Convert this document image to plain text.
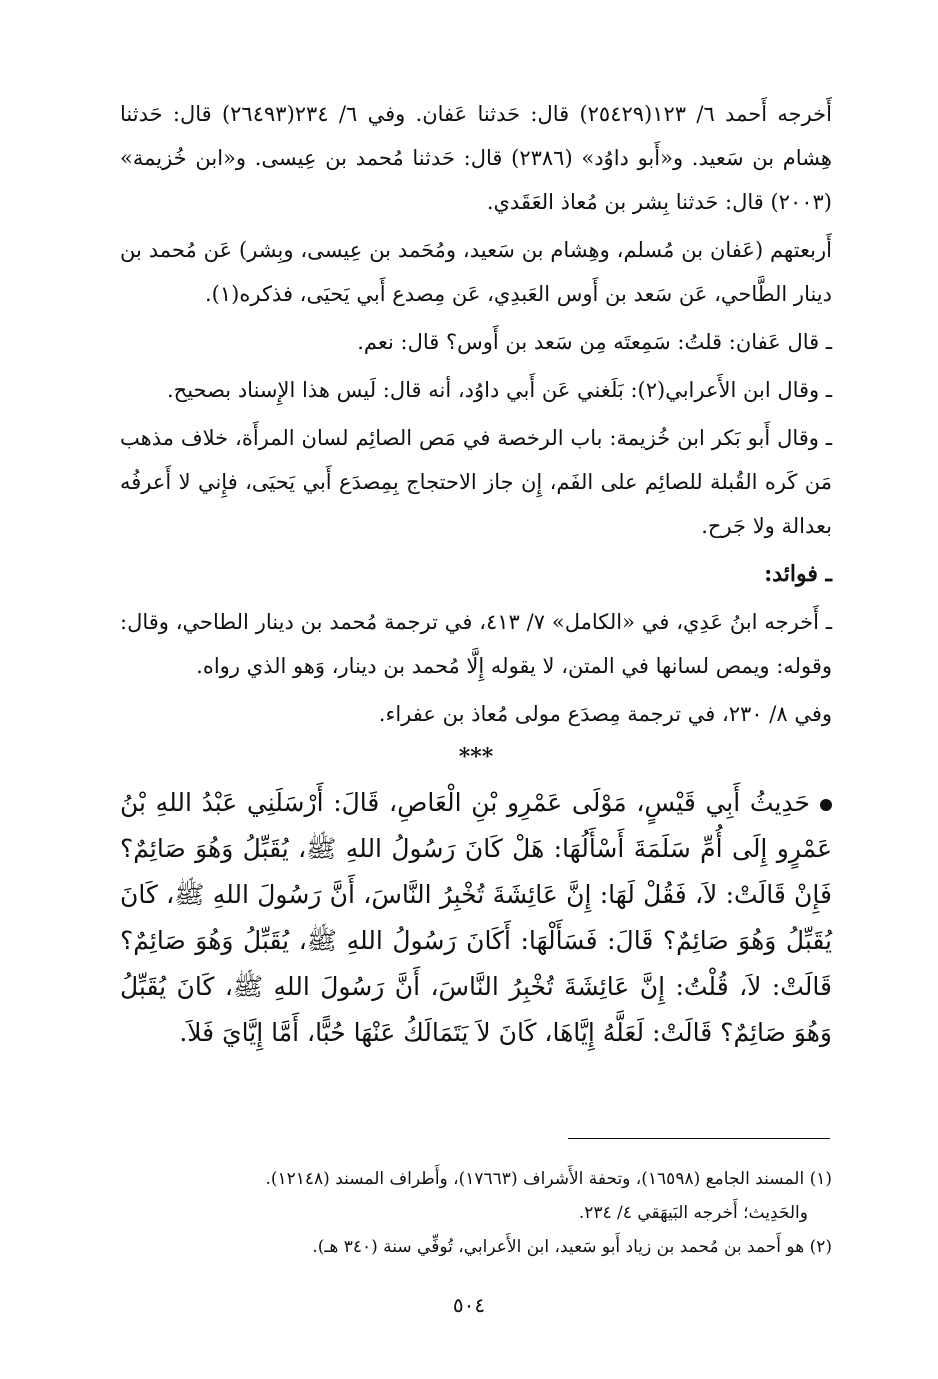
أَخرجه أَحمد ٦/ ١٢٣(٢٥٤٢٩) قال: حَدثنا عَفان. وفي ٦/ ٢٣٤(٢٦٤٩٣) قال: حَدثنا هِشام بن سَعيد. و«أَبو داوُد» (٢٣٨٦) قال: حَدثنا مُحمد بن عِيسى. و«ابن خُزيمة» (٢٠٠٣) قال: حَدثنا بِشر بن مُعاذ العَقَدي.

أَربعتهم (عَفان بن مُسلم، وهِشام بن سَعيد، ومُحَمد بن عِيسى، وبِشر) عَن مُحمد بن دينار الطَّاحي، عَن سَعد بن أَوس العَبدِي، عَن مِصدع أَبي يَحيَى، فذكره(١).

ـ قال عَفان: قلتُ: سَمِعتَه مِن سَعد بن أَوس؟ قال: نعم.

ـ وقال ابن الأَعرابي(٢): بَلَغني عَن أَبي داوُد، أنه قال: لَيس هذا الإِسناد بصحيح.

ـ وقال أَبو بَكر ابن خُزيمة: باب الرخصة في مَص الصائِم لسان المرأَة، خلاف مذهب مَن كَره القُبلة للصائِم على الفَم، إِن جاز الاحتجاج بِمِصدَع أَبي يَحيَى، فإِني لا أَعرفُه بعدالة ولا جَرح.

ـ فوائد:

ـ أَخرجه ابنُ عَدِي، في «الكامل» ٧/ ٤١٣، في ترجمة مُحمد بن دينار الطاحي، وقال: وقوله: ويمص لسانها في المتن، لا يقوله إِلَّا مُحمد بن دينار، وَهو الذي رواه.

وفي ٨/ ٢٣٠، في ترجمة مِصدَع مولى مُعاذ بن عفراء.

***

حَدِيثُ أَبِي قَيْسٍ، مَوْلَى عَمْرِو بْنِ الْعَاصِ، قَالَ: أَرْسَلَنِي عَبْدُ اللهِ بْنُ عَمْرٍو إِلَى أُمِّ سَلَمَةَ أَسْأَلُهَا: هَلْ كَانَ رَسُولُ اللهِ ﷺ، يُقَبِّلُ وَهُوَ صَائِمٌ؟ فَإِنْ قَالَتْ: لاَ، فَقُلْ لَهَا: إِنَّ عَائِشَةَ تُخْبِرُ النَّاسَ، أَنَّ رَسُولَ اللهِ ﷺ، كَانَ يُقَبِّلُ وَهُوَ صَائِمٌ؟ قَالَ: فَسَأَلْهَا: أَكَانَ رَسُولُ اللهِ ﷺ، يُقَبِّلُ وَهُوَ صَائِمٌ؟ قَالَتْ: لاَ، قُلْتُ: إِنَّ عَائِشَةَ تُخْبِرُ النَّاسَ، أَنَّ رَسُولَ اللهِ ﷺ، كَانَ يُقَبِّلُ وَهُوَ صَائِمٌ؟ قَالَتْ: لَعَلَّهُ إِيَّاهَا، كَانَ لاَ يَتَمَالَكُ عَنْهَا حُبًّا، أَمَّا إِيَّايَ فَلاَ.

(١) المسند الجامع (١٦٥٩٨)، وتحفة الأَشراف (١٧٦٦٣)، وأَطراف المسند (١٢١٤٨).

والحَدِيث؛ أَخرجه البَيهَقي ٤/ ٢٣٤.

(٢) هو أَحمد بن مُحمد بن زياد أَبو سَعيد، ابن الأَعرابي، تُوفِّي سنة (٣٤٠ هـ).

٥٠٤
